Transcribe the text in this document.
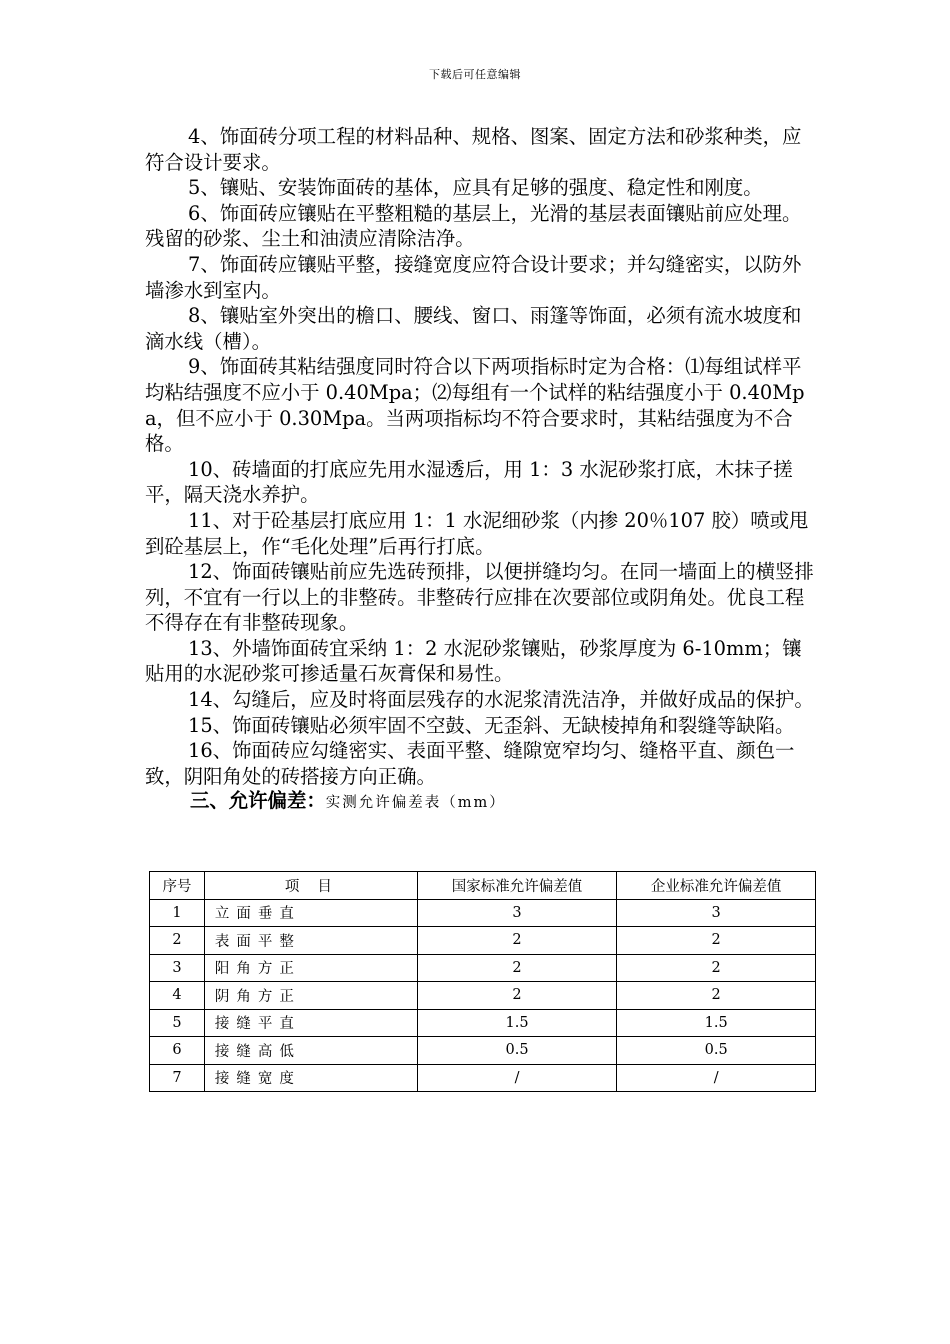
下载后可任意编辑

4、饰面砖分项工程的材料品种、规格、图案、固定方法和砂浆种类，应符合设计要求。

5、镶贴、安装饰面砖的基体，应具有足够的强度、稳定性和刚度。

6、饰面砖应镶贴在平整粗糙的基层上，光滑的基层表面镶贴前应处理。残留的砂浆、尘土和油渍应清除洁净。

7、饰面砖应镶贴平整，接缝宽度应符合设计要求；并勾缝密实，以防外墙渗水到室内。

8、镶贴室外突出的檐口、腰线、窗口、雨篷等饰面，必须有流水坡度和滴水线（槽）。

9、饰面砖其粘结强度同时符合以下两项指标时定为合格：⑴每组试样平均粘结强度不应小于 0.40Mpa；⑵每组有一个试样的粘结强度小于 0.40Mpa，但不应小于 0.30Mpa。当两项指标均不符合要求时，其粘结强度为不合格。

10、砖墙面的打底应先用水湿透后，用 1：3 水泥砂浆打底，木抹子搓平，隔天浇水养护。

11、对于砼基层打底应用 1：1 水泥细砂浆（内掺 20％107 胶）喷或甩到砼基层上，作“毛化处理”后再行打底。

12、饰面砖镶贴前应先选砖预排，以便拼缝均匀。在同一墙面上的横竖排列，不宜有一行以上的非整砖。非整砖行应排在次要部位或阴角处。优良工程不得存在有非整砖现象。

13、外墙饰面砖宜采纳 1：2 水泥砂浆镶贴，砂浆厚度为 6-10mm；镶贴用的水泥砂浆可掺适量石灰膏保和易性。

14、勾缝后，应及时将面层残存的水泥浆清洗洁净，并做好成品的保护。

15、饰面砖镶贴必须牢固不空鼓、无歪斜、无缺棱掉角和裂缝等缺陷。

16、饰面砖应勾缝密实、表面平整、缝隙宽窄均匀、缝格平直、颜色一致，阴阳角处的砖搭接方向正确。

三、允许偏差：实测允许偏差表（mm）

序号	项目	国家标准允许偏差值	企业标准允许偏差值
1	立面垂直	3	3
2	表面平整	2	2
3	阳角方正	2	2
4	阴角方正	2	2
5	接缝平直	1.5	1.5
6	接缝高低	0.5	0.5
7	接缝宽度	/	/
